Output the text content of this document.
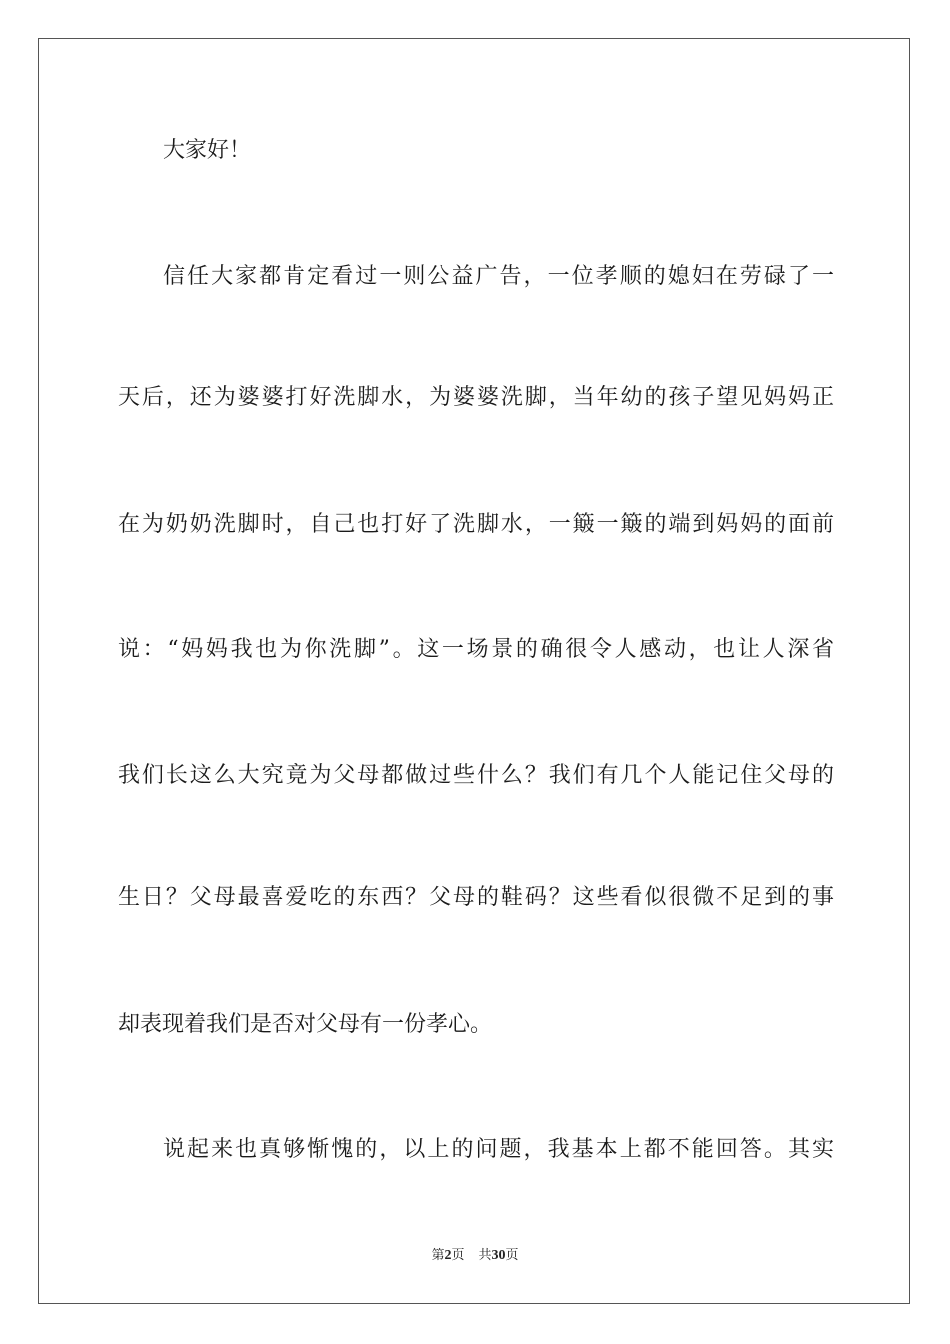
大家好！
信任大家都肯定看过一则公益广告，一位孝顺的媳妇在劳碌了一
天后，还为婆婆打好洗脚水，为婆婆洗脚，当年幼的孩子望见妈妈正
在为奶奶洗脚时，自己也打好了洗脚水，一簸一簸的端到妈妈的面前
说：“妈妈我也为你洗脚”。这一场景的确很令人感动，也让人深省
我们长这么大究竟为父母都做过些什么？我们有几个人能记住父母的
生日？父母最喜爱吃的东西？父母的鞋码？这些看似很微不足到的事
却表现着我们是否对父母有一份孝心。
说起来也真够惭愧的，以上的问题，我基本上都不能回答。其实
第2页 共30页
